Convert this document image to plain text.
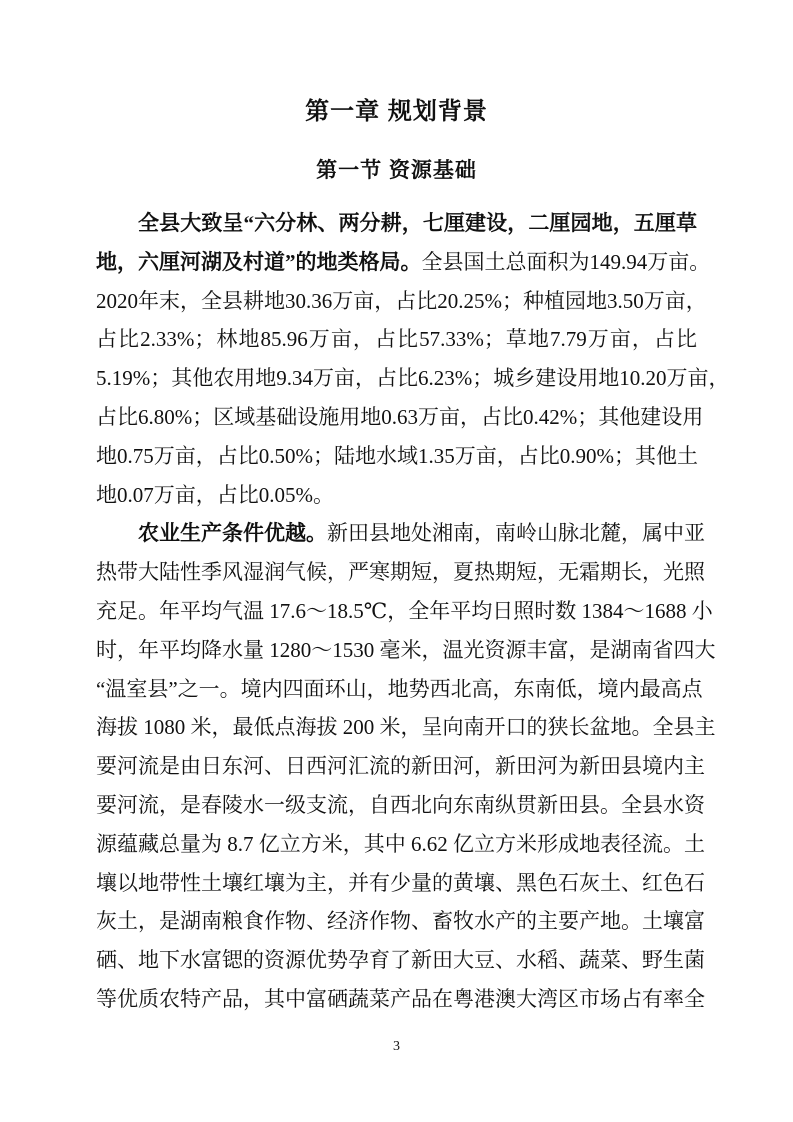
第一章 规划背景
第一节 资源基础
全县大致呈“六分林、两分耕，七厘建设，二厘园地，五厘草
地，六厘河湖及村道”的地类格局。全县国土总面积为149.94万亩。
2020年末，全县耕地30.36万亩，占比20.25%；种植园地3.50万亩，
占比2.33%；林地85.96万亩，占比57.33%；草地7.79万亩，占比
5.19%；其他农用地9.34万亩，占比6.23%；城乡建设用地10.20万亩，
占比6.80%；区域基础设施用地0.63万亩，占比0.42%；其他建设用
地0.75万亩，占比0.50%；陆地水域1.35万亩，占比0.90%；其他土
地0.07万亩，占比0.05%。
农业生产条件优越。新田县地处湘南，南岭山脉北麓，属中亚
热带大陆性季风湿润气候，严寒期短，夏热期短，无霜期长，光照
充足。年平均气温 17.6～18.5℃，全年平均日照时数 1384～1688 小
时，年平均降水量 1280～1530 毫米，温光资源丰富，是湖南省四大
“温室县”之一。境内四面环山，地势西北高，东南低，境内最高点
海拔 1080 米，最低点海拔 200 米，呈向南开口的狭长盆地。全县主
要河流是由日东河、日西河汇流的新田河，新田河为新田县境内主
要河流，是春陵水一级支流，自西北向东南纵贯新田县。全县水资
源蕴藏总量为 8.7 亿立方米，其中 6.62 亿立方米形成地表径流。土
壤以地带性土壤红壤为主，并有少量的黄壤、黑色石灰土、红色石
灰土，是湖南粮食作物、经济作物、畜牧水产的主要产地。土壤富
硒、地下水富锶的资源优势孕育了新田大豆、水稻、蔬菜、野生菌
等优质农特产品，其中富硒蔬菜产品在粤港澳大湾区市场占有率全
3
